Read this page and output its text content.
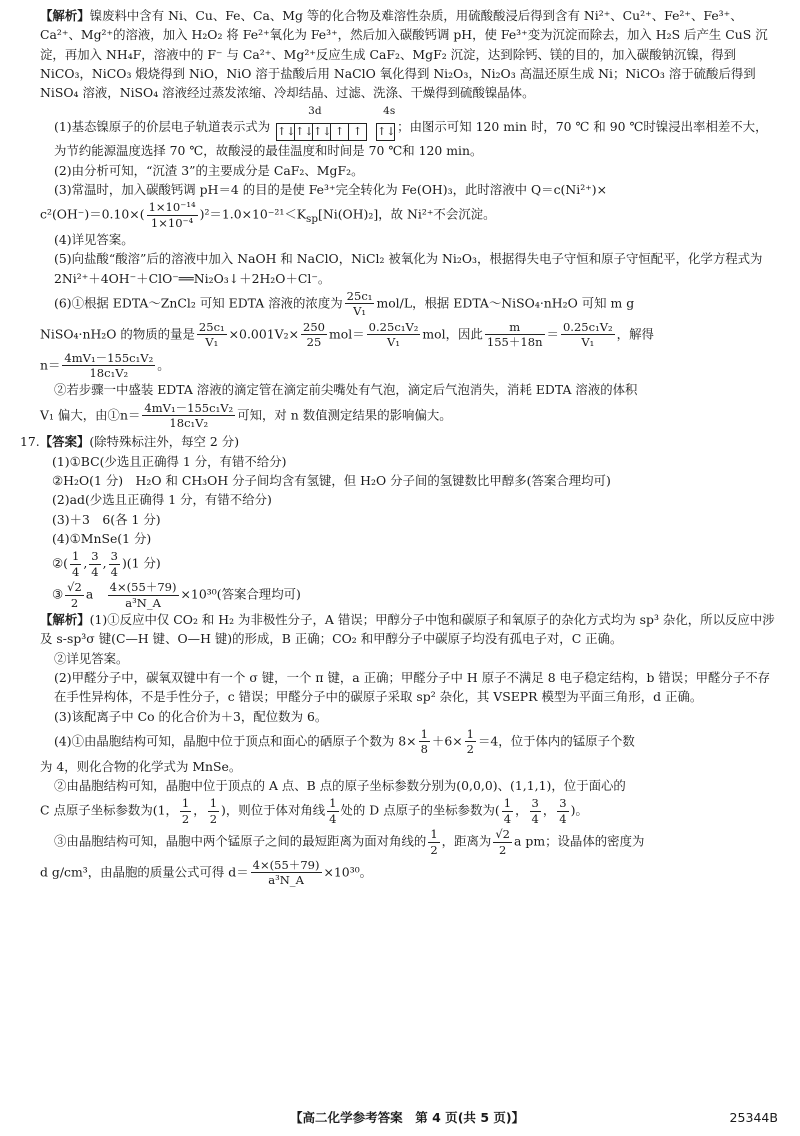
【解析】镍废料中含有 Ni、Cu、Fe、Ca、Mg 等的化合物及难溶性杂质，用硫酸酸浸后得到含有 Ni²⁺、Cu²⁺、Fe²⁺、Fe³⁺、Ca²⁺、Mg²⁺的溶液，加入 H₂O₂ 将 Fe²⁺氧化为 Fe³⁺，然后加入碳酸钙调 pH，使 Fe³⁺变为沉淀而除去，加入 H₂S 后产生 CuS 沉淀，再加入 NH₄F，溶液中的 F⁻ 与 Ca²⁺、Mg²⁺反应生成 CaF₂、MgF₂ 沉淀，达到除钙、镁的目的，加入碳酸钠沉镍，得到 NiCO₃，NiCO₃ 煅烧得到 NiO，NiO 溶于盐酸后用 NaClO 氧化得到 Ni₂O₃，Ni₂O₃ 高温还原生成 Ni；NiCO₃ 溶于硫酸后得到 NiSO₄ 溶液，NiSO₄ 溶液经过蒸发浓缩、冷却结晶、过滤、洗涤、干燥得到硫酸镍晶体。

(1)基态镍原子的价层电子轨道表示式为
3d	4s
↑↓↑↓↑↓ ↑ ↑ ↑↓ ；由图示可知 120 min 时，70 ℃ 和 90 ℃时镍浸出率相差不大，为节约能源温度选择 70 ℃，故酸浸的最佳温度和时间是 70 ℃和 120 min。

(2)由分析可知，“沉渣 3”的主要成分是 CaF₂、MgF₂。

(3)常温时，加入碳酸钙调 pH＝4 的目的是使 Fe³⁺完全转化为 Fe(OH)₃，此时溶液中 Q＝c(Ni²⁺)×

$c^2(OH^-)=0.10\times( \frac{\text{1×10⁻¹⁴}}{\text{1×10⁻⁴}} )^2=1.0\times 10^{-21}<K_{sp}[Ni(OH)_2]$，故 Ni²⁺不会沉淀。

(4)详见答案。

(5)向盐酸“酸溶”后的溶液中加入 NaOH 和 NaClO，NiCl₂ 被氧化为 Ni₂O₃，根据得失电子守恒和原子守恒配平，化学方程式为 2Ni²⁺＋4OH⁻＋ClO⁻══Ni₂O₃↓＋2H₂O＋Cl⁻。

(6)①根据 EDTA～ZnCl₂ 可知 EDTA 溶液的浓度为 $\frac{\text{25c₁}}{\text{V₁}} mol/L$，根据 EDTA～NiSO₄·nH₂O 可知 m g

NiSO₄·nH₂O 的物质的量是 $\frac{\text{25c₁}}{\text{V₁}} \times 0.001V_2\times \frac{250}{25} mol= \frac{\text{0.25c₁V₂}}{\text{V₁}}$ mol，因此 $\frac{m}{155+18n} = \frac{\text{0.25c₁V₂}}{\text{V₁}}$ ，解得

$n= \frac{\text{4mV₁－155c₁V₂}}{\text{18c₁V₂}}$ 。

②若步骤一中盛装 EDTA 溶液的滴定管在滴定前尖嘴处有气泡，滴定后气泡消失，消耗 EDTA 溶液的体积

V₁ 偏大，由①n＝ $\frac{\text{4mV₁－155c₁V₂}}{\text{18c₁V₂}}$ 可知，对 n 数值测定结果的影响偏大。

17.【答案】(除特殊标注外，每空 2 分)

(1)①BC(少选且正确得 1 分，有错不给分)

②H₂O(1 分)　H₂O 和 CH₃OH 分子间均含有氢键，但 H₂O 分子间的氢键数比甲醇多(答案合理均可)

(2)ad(少选且正确得 1 分，有错不给分)

(3)＋3　6(各 1 分)

(4)①MnSe(1 分)

②( $\frac{1}{4}$ , $\frac{3}{4}$ , $\frac{3}{4} )(1$ 分)

③ $\frac{√2}{2}$ a　 $\frac{4\times(55+79)}{\text{a³N\_A}} \times 10^{30}$(答案合理均可)

【解析】(1)①反应中仅 CO₂ 和 H₂ 为非极性分子，A 错误；甲醇分子中饱和碳原子和氧原子的杂化方式均为 sp³ 杂化，所以反应中涉及 s-sp³σ 键(C—H 键、O—H 键)的形成，B 正确；CO₂ 和甲醇分子中碳原子均没有孤电子对，C 正确。

②详见答案。

(2)甲醛分子中，碳氧双键中有一个 σ 键，一个 π 键，a 正确；甲醛分子中 H 原子不满足 8 电子稳定结构，b 错误；甲醛分子不存在手性异构体，不是手性分子，c 错误；甲醛分子中的碳原子采取 sp² 杂化，其 VSEPR 模型为平面三角形，d 正确。

(3)该配离子中 Co 的化合价为＋3，配位数为 6。

(4)①由晶胞结构可知，晶胞中位于顶点和面心的硒原子个数为 $8\times \frac{1}{8} +6\times \frac{1}{2} =4$，位于体内的锰原子个数

为 4，则化合物的化学式为 MnSe。

②由晶胞结构可知，晶胞中位于顶点的 A 点、B 点的原子坐标参数分别为(0,0,0)、(1,1,1)，位于面心的

C 点原子坐标参数为(1， $\frac{1}{2}$ ， $\frac{1}{2}$ )，则位于体对角线 $\frac{1}{4}$ 处的 D 点原子的坐标参数为( $\frac{1}{4}$ ， $\frac{3}{4}$ ， $\frac{3}{4}$ )。

③由晶胞结构可知，晶胞中两个锰原子之间的最短距离为面对角线的 $\frac{1}{2}$ ，距离为 $\frac{√2}{2}$ a pm；设晶体的密度为

d g/cm³，由晶胞的质量公式可得 $d= \frac{4\times(55+79)}{\text{a³N\_A}} \times 10^{30}$。

【高二化学参考答案　第 4 页(共 5 页)】	25344B
